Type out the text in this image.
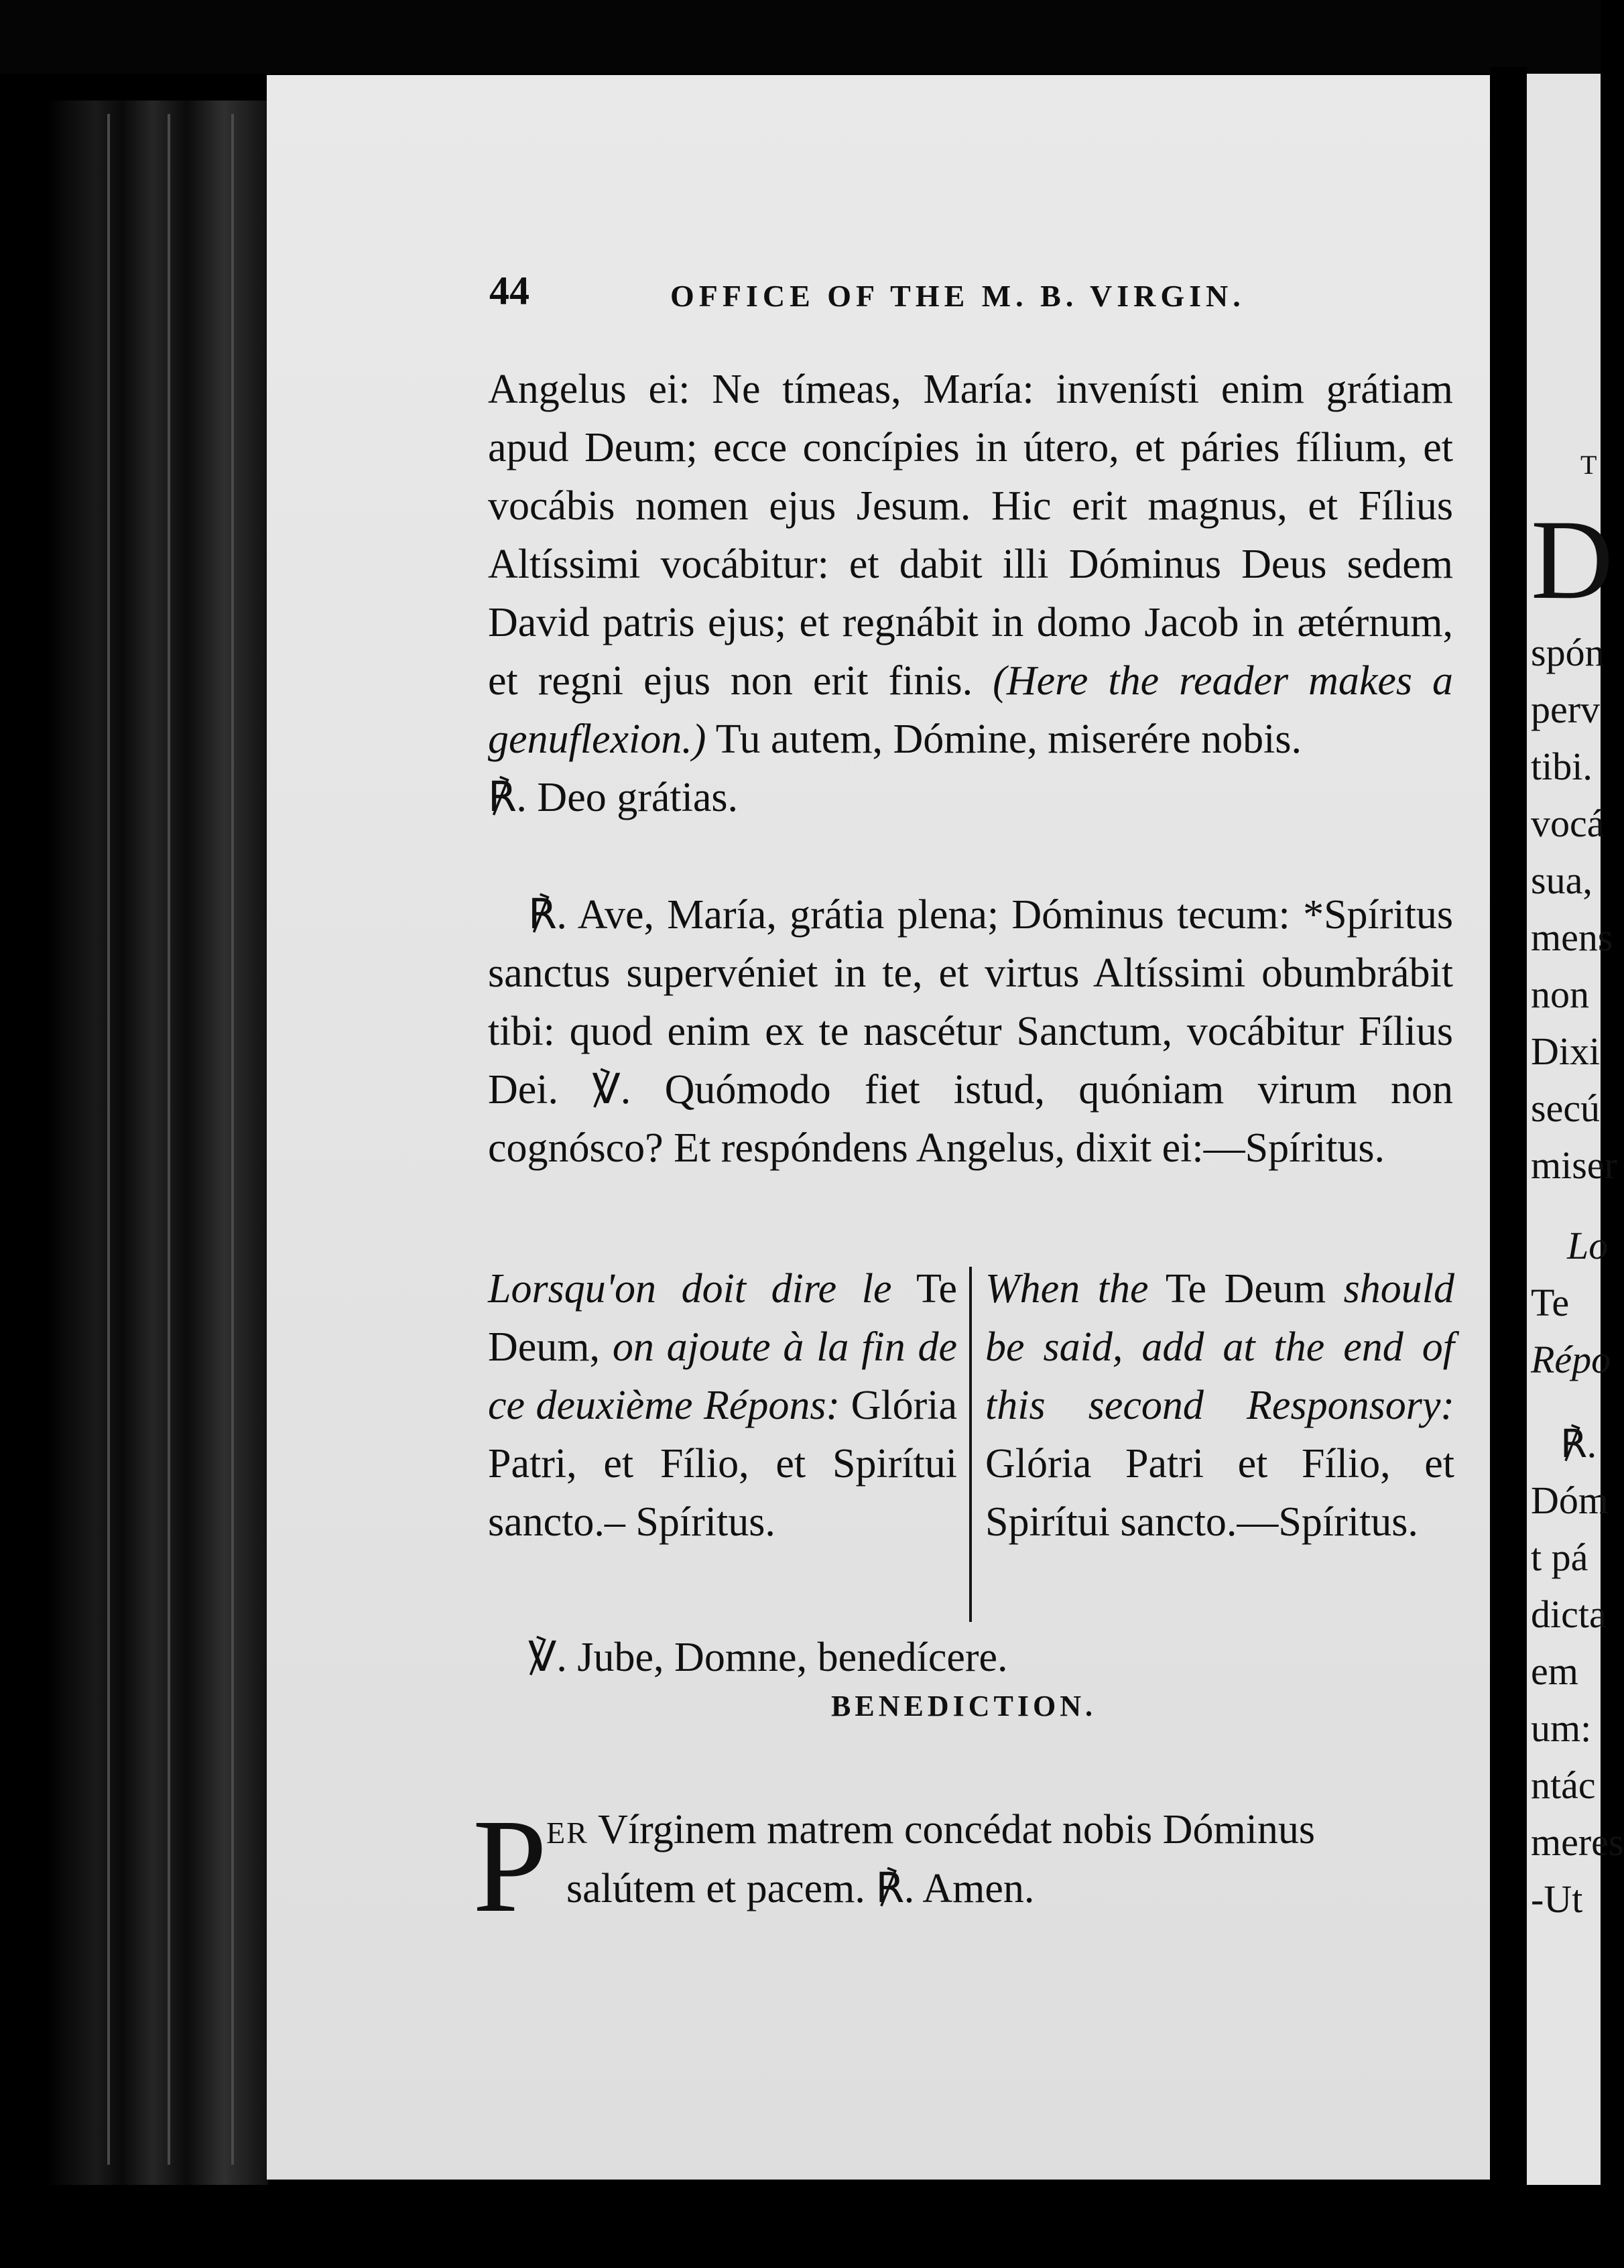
T
D
spón
perv
tibi.
vocá
sua,
mens
non
Dixi
secú
miser
Lo
Te
Répo
℟.
Dóm
t pá
dicta
em
um:
ntác
meres
-Ut
44	OFFICE OF THE M. B. VIRGIN.

Angelus ei: Ne tímeas, María: invenísti enim grátiam apud Deum; ecce concípies in útero, et páries fílium, et vocábis nomen ejus Jesum. Hic erit magnus, et Fílius Altíssimi vocábitur: et dabit illi Dóminus Deus sedem David patris ejus; et regnábit in domo Jacob in ætérnum, et regni ejus non erit finis. (Here the reader makes a genuflexion.) Tu autem, Dómine, miserére nobis.

℟. Deo grátias.

℟. Ave, María, grátia plena; Dóminus tecum: *Spíritus sanctus supervéniet in te, et virtus Altíssimi obumbrábit tibi: quod enim ex te nascétur Sanctum, vocábitur Fílius Dei. ℣. Quómodo fiet istud, quóniam virum non cognósco? Et respóndens Angelus, dixit ei:—Spíritus.

Lorsqu'on doit dire le Te Deum, on ajoute à la fin de ce deuxième Répons: Glória Patri, et Fílio, et Spirítui sancto.– Spíritus.
When the Te Deum should be said, add at the end of this second Responsory: Glória Patri et Fílio, et Spirítui sancto.—Spíritus.

℣. Jube, Domne, benedícere.

BENEDICTION.
P
ER Vírginem matrem concédat nobis Dóminus
salútem et pacem. ℟. Amen.
